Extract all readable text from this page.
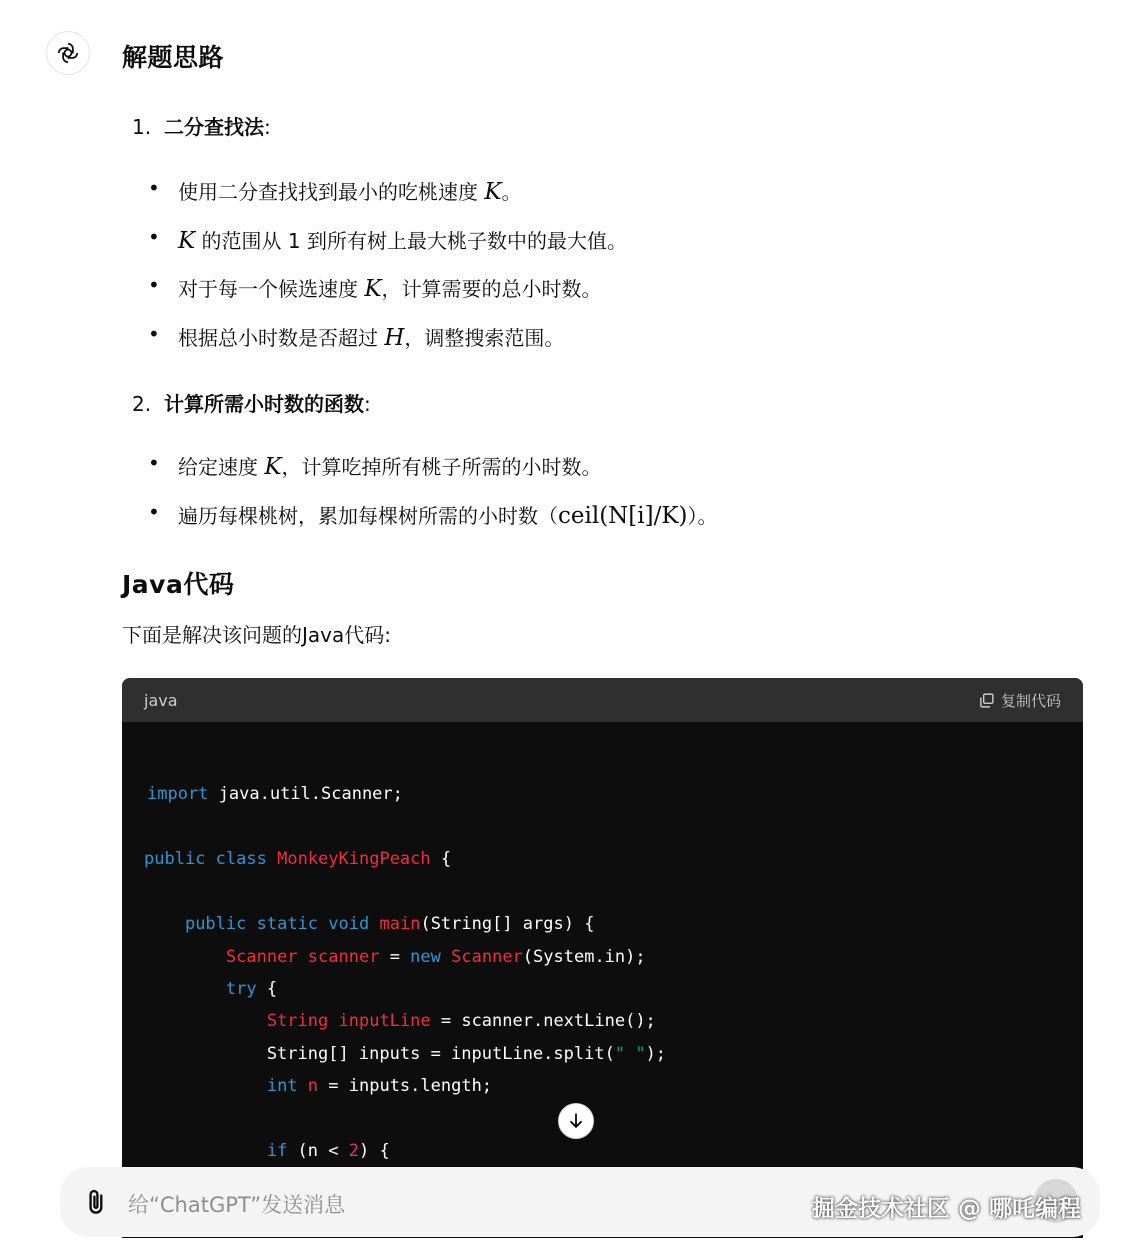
解题思路
1. 二分查找法:
• 使用二分查找找到最小的吃桃速度 K。
• K 的范围从 1 到所有树上最大桃子数中的最大值。
• 对于每一个候选速度 K，计算需要的总小时数。
• 根据总小时数是否超过 H，调整搜索范围。
2. 计算所需小时数的函数:
• 给定速度 K，计算吃掉所有桃子所需的小时数。
• 遍历每棵桃树，累加每棵树所需的小时数（ceil(N[i]/K)）。
Java代码
下面是解决该问题的Java代码:
java	复制代码
import java.util.Scanner;
public class MonkeyKingPeach {
public static void main(String[] args) {
Scanner scanner = new Scanner(System.in);
try {
String inputLine = scanner.nextLine();
String[] inputs = inputLine.split(" ");
int n = inputs.length;
if (n < 2) {
给“ChatGPT”发送消息	掘金技术社区 @ 哪吒编程
